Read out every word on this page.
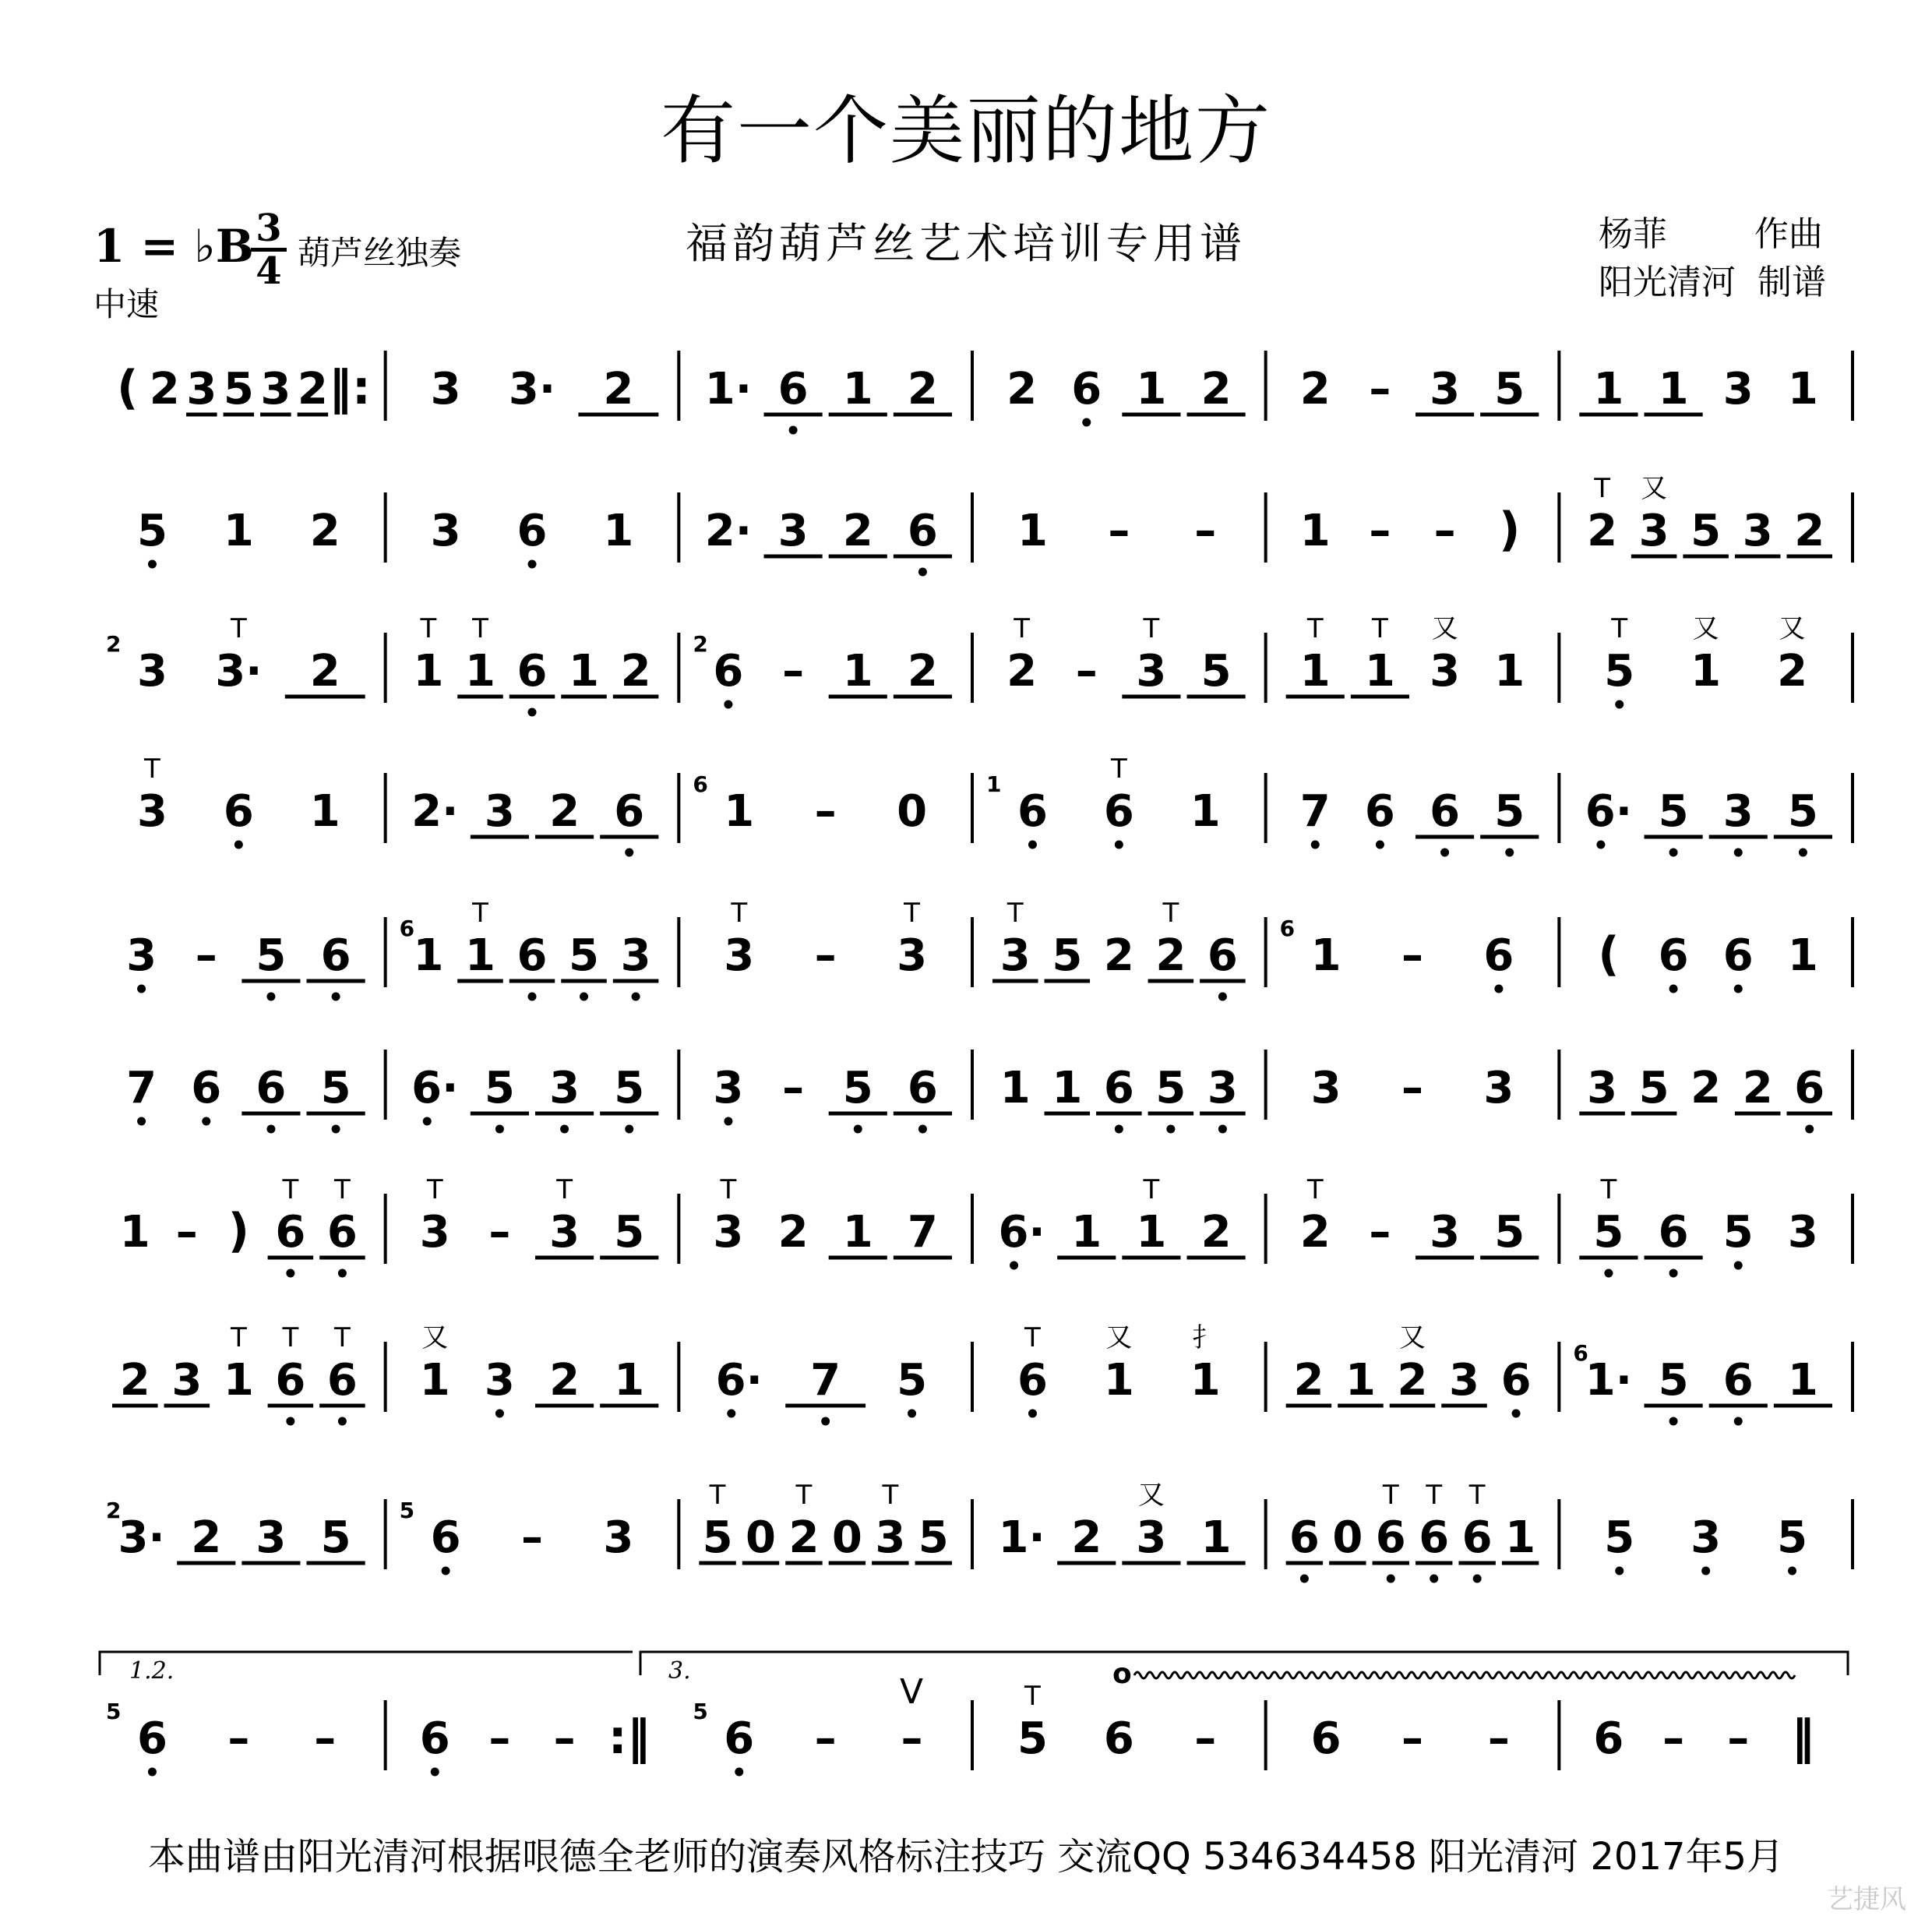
有一个美丽的地方
1 = ♭B 3
4 葫芦丝独奏
中速
福韵葫芦丝艺术培训专用谱	杨菲        作曲
阳光清河  制谱
( 2 3 5 3 2 ‖: 3 3· 2 1· 6 1 2 2 6 1 2 2 – 3 5 1 1 3 1
5 1 2 3 6 1 2· 3 2 6 1 – – 1 – – ) 2
T
3
又
5 3 2
3 3·
T
2 1
T
1
T
6 1 2 6 – 1 2 2
T
– 3
T
5 1
T
1
T
3
又
1 5
T
1
又
2
又
3
T
6 1 2· 3 2 6 1 – 0 6 6
T
1 7 6 6 5 6· 5 3 5
3 – 5 6 1 1
T
6 5 3 3
T
– 3
T
3
T
5 2 2
T
6 1 – 6 ( 6 6 1
7 6 6 5 6· 5 3 5 3 – 5 6 1 1 6 5 3 3 – 3 3 5 2 2 6
1 – ) 6
T
6
T
3
T
– 3
T
5 3
T
2 1 7 6· 1 1
T
2 2
T
– 3 5 5
T
6 5 3
2 3 1
T
6
T
6
T
1
又
3 2 1 6· 7 5 6
T
1
又
1
扌
2 1 2
又
3 6 1· 5 6 1
3· 2 3 5 6 – 3 5
T
0 2
T
0 3
T
5 1· 2 3
又
1 6 0 6
T
6
T
6
T
1 5 3 5
6 – – 6 – – :‖ 6 – – 5
T
6 – 6 – – 6 – – ‖
2	2
6	1
6	6
6
2	5
5	5
1.2.	3.
V	o
本曲谱由阳光清河根据哏德全老师的演奏风格标注技巧 交流QQ 534634458 阳光清河 2017年5月
艺捷风
